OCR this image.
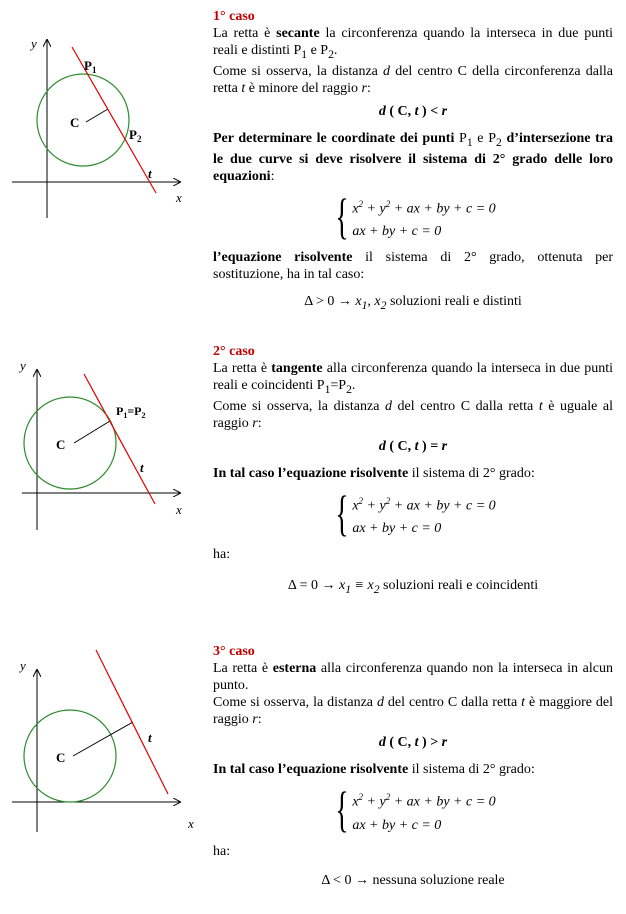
y
x
C
$P_1$
$P_2$
t
1° caso

La retta è secante la circonferenza quando la interseca in due punti reali e distinti $P_1$ e $P_2$.

Come si osserva, la distanza d del centro C della circonferenza dalla retta t è minore del raggio r:

d ( C, t ) < r

Per determinare le coordinate dei punti $P_1$ e $P_2$ d’intersezione tra le due curve si deve risolvere il sistema di 2° grado delle loro equazioni:

{ $x^2 + y^2$ + ax + by + c = 0
ax + by + c = 0

l’equazione risolvente il sistema di 2° grado, ottenuta per sostituzione, ha in tal caso:

$\Delta > 0 \to x_1$, $x_2$ soluzioni reali e distinti
y
x
C
$P_1=P_2$
t
2° caso

La retta è tangente alla circonferenza quando la interseca in due punti reali e coincidenti $P_1=P_2$.

Come si osserva, la distanza d del centro C dalla retta t è uguale al raggio r:

d ( C, t ) = r

In tal caso l’equazione risolvente il sistema di 2° grado:

{ $x^2 + y^2$ + ax + by + c = 0
ax + by + c = 0

ha:

$\Delta = 0 \to x_1 \equiv x_2$ soluzioni reali e coincidenti
y
x
C
t
3° caso

La retta è esterna alla circonferenza quando non la interseca in alcun punto.

Come si osserva, la distanza d del centro C dalla retta t è maggiore del raggio r:

d ( C, t ) > r

In tal caso l’equazione risolvente il sistema di 2° grado:

{ $x^2 + y^2$ + ax + by + c = 0
ax + by + c = 0

ha:

Δ < 0 → nessuna soluzione reale
